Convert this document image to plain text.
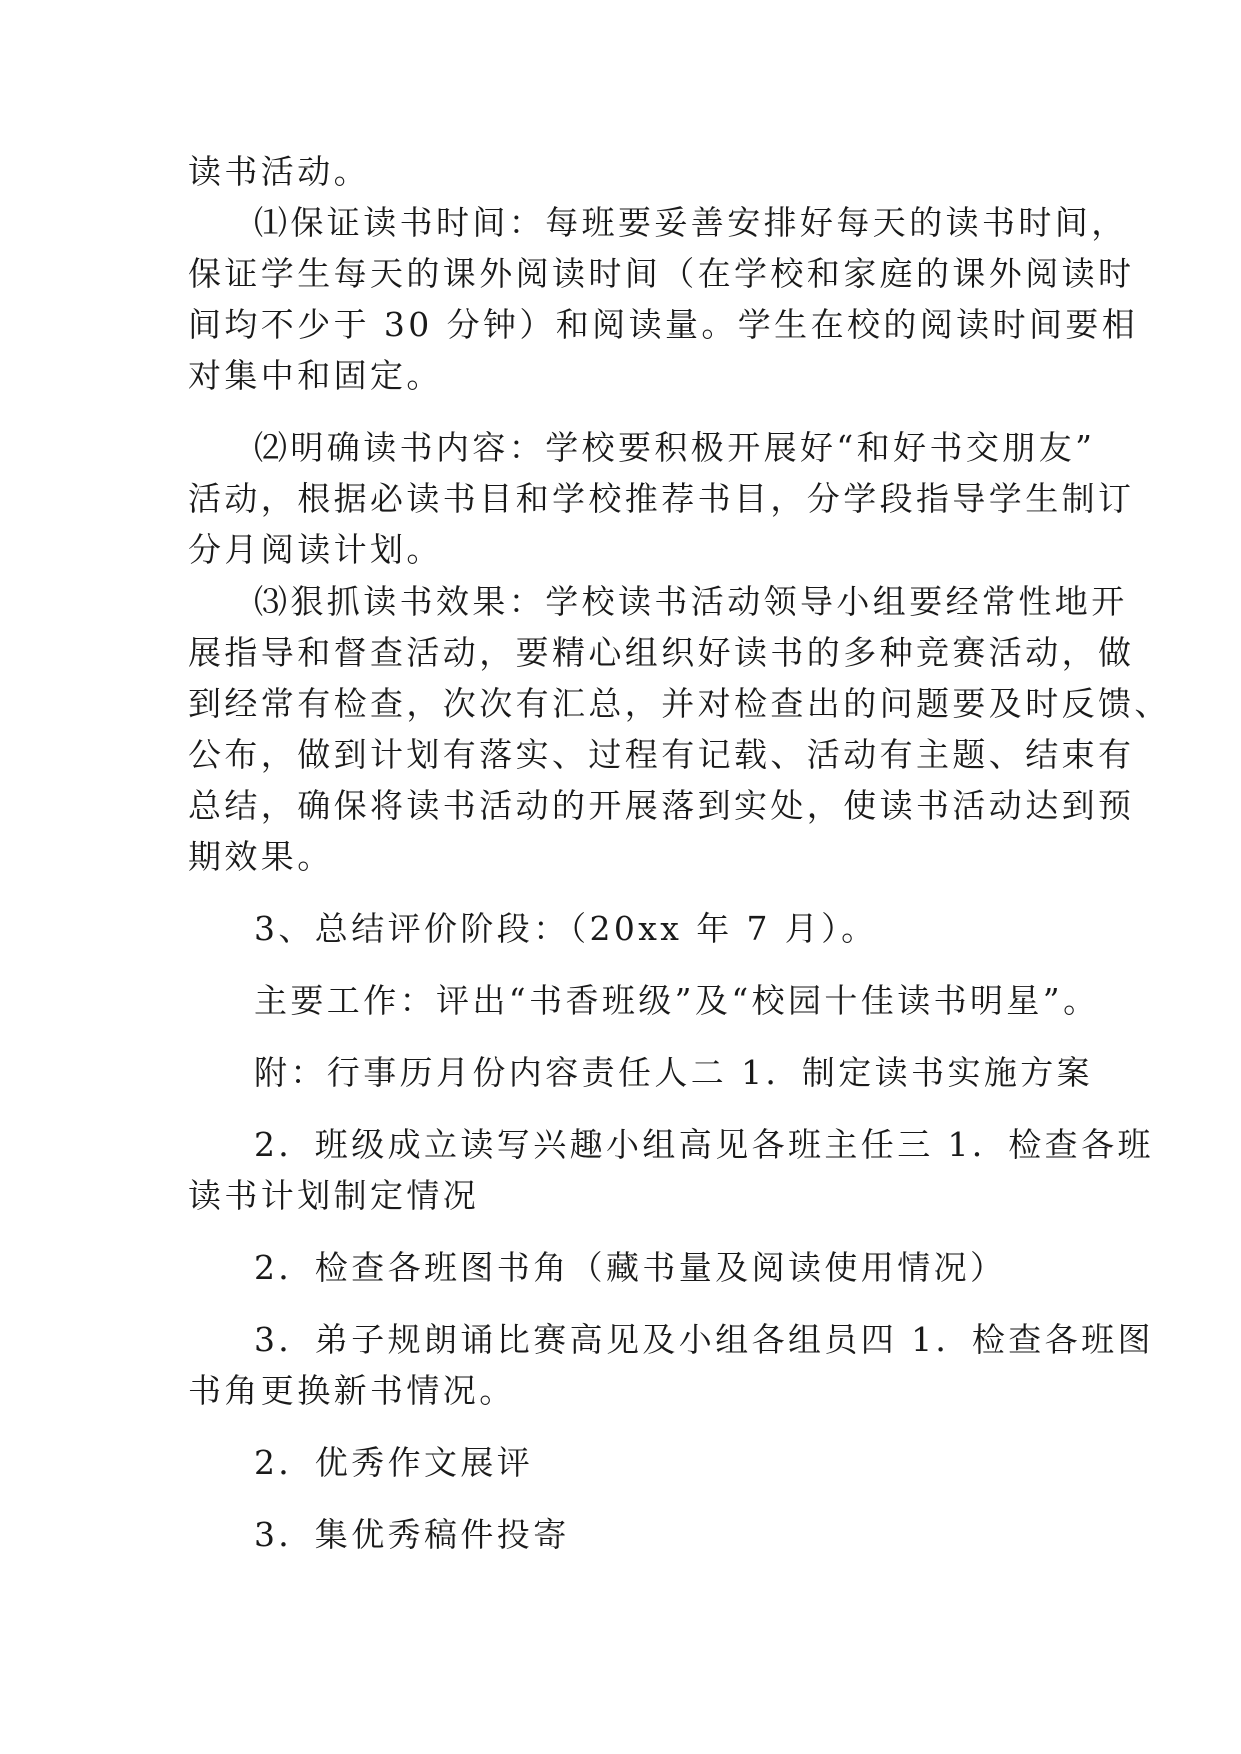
读书活动。
⑴保证读书时间：每班要妥善安排好每天的读书时间，
保证学生每天的课外阅读时间（在学校和家庭的课外阅读时
间均不少于 30 分钟）和阅读量。学生在校的阅读时间要相
对集中和固定。
⑵明确读书内容：学校要积极开展好“和好书交朋友”
活动，根据必读书目和学校推荐书目，分学段指导学生制订
分月阅读计划。
⑶狠抓读书效果：学校读书活动领导小组要经常性地开
展指导和督查活动，要精心组织好读书的多种竞赛活动，做
到经常有检查，次次有汇总，并对检查出的问题要及时反馈、
公布，做到计划有落实、过程有记载、活动有主题、结束有
总结，确保将读书活动的开展落到实处，使读书活动达到预
期效果。
3、总结评价阶段：（20xx 年 7 月）。
主要工作：评出“书香班级”及“校园十佳读书明星”。
附：行事历月份内容责任人二 1．制定读书实施方案
2．班级成立读写兴趣小组高见各班主任三 1．检查各班
读书计划制定情况
2．检查各班图书角（藏书量及阅读使用情况）
3．弟子规朗诵比赛高见及小组各组员四 1．检查各班图
书角更换新书情况。
2．优秀作文展评
3．集优秀稿件投寄
